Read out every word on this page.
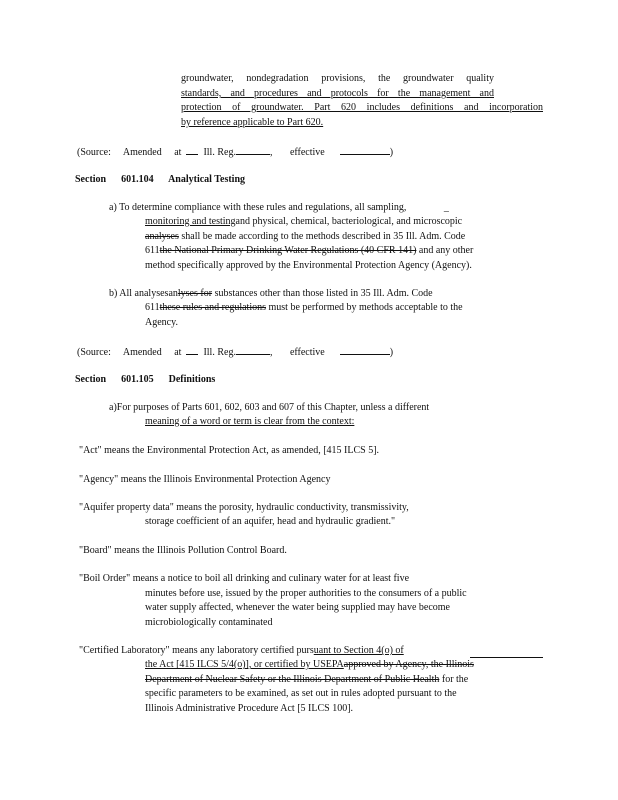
groundwater, nondegradation provisions, the groundwater quality
standards, and procedures and protocols for the management and
protection of groundwater. Part 620 includes definitions and incorporation
by reference applicable to Part 620.
(Source: Amended at Ill. Reg.	, effective	)
Section 601.104 Analytical Testing
a) To determine compliance with these rules and regulations, all sampling,	_
monitoring and testingand physical, chemical, bacteriological, and microscopic
analyses shall be made according to the methods described in 35 Ill. Adm. Code
611the National Primary Drinking Water Regulations (40 CFR 141) and any other
method specifically approved by the Environmental Protection Agency (Agency).
b) All analysesanlyses for substances other than those listed in 35 Ill. Adm. Code
611these rules and regulations must be performed by methods acceptable to the
Agency.
(Source: Amended at Ill. Reg.	, effective	)
Section 601.105 Definitions
a)For purposes of Parts 601, 602, 603 and 607 of this Chapter, unless a different
meaning of a word or term is clear from the context:
"Act" means the Environmental Protection Act, as amended, [415 ILCS 5].
"Agency" means the Illinois Environmental Protection Agency
"Aquifer property data" means the porosity, hydraulic conductivity, transmissivity,
storage coefficient of an aquifer, head and hydraulic gradient."
"Board" means the Illinois Pollution Control Board.
"Boil Order" means a notice to boil all drinking and culinary water for at least five
minutes before use, issued by the proper authorities to the consumers of a public
water supply affected, whenever the water being supplied may have become
microbiologically contaminated
"Certified Laboratory" means any laboratory certified pursuant to Section 4(o) of
the Act [415 ILCS 5/4(o)], or certified by USEPAapproved by Agency, the Illinois
Department of Nuclear Safety or the Illinois Department of Public Health for the
specific parameters to be examined, as set out in rules adopted pursuant to the
Illinois Administrative Procedure Act [5 ILCS 100].
